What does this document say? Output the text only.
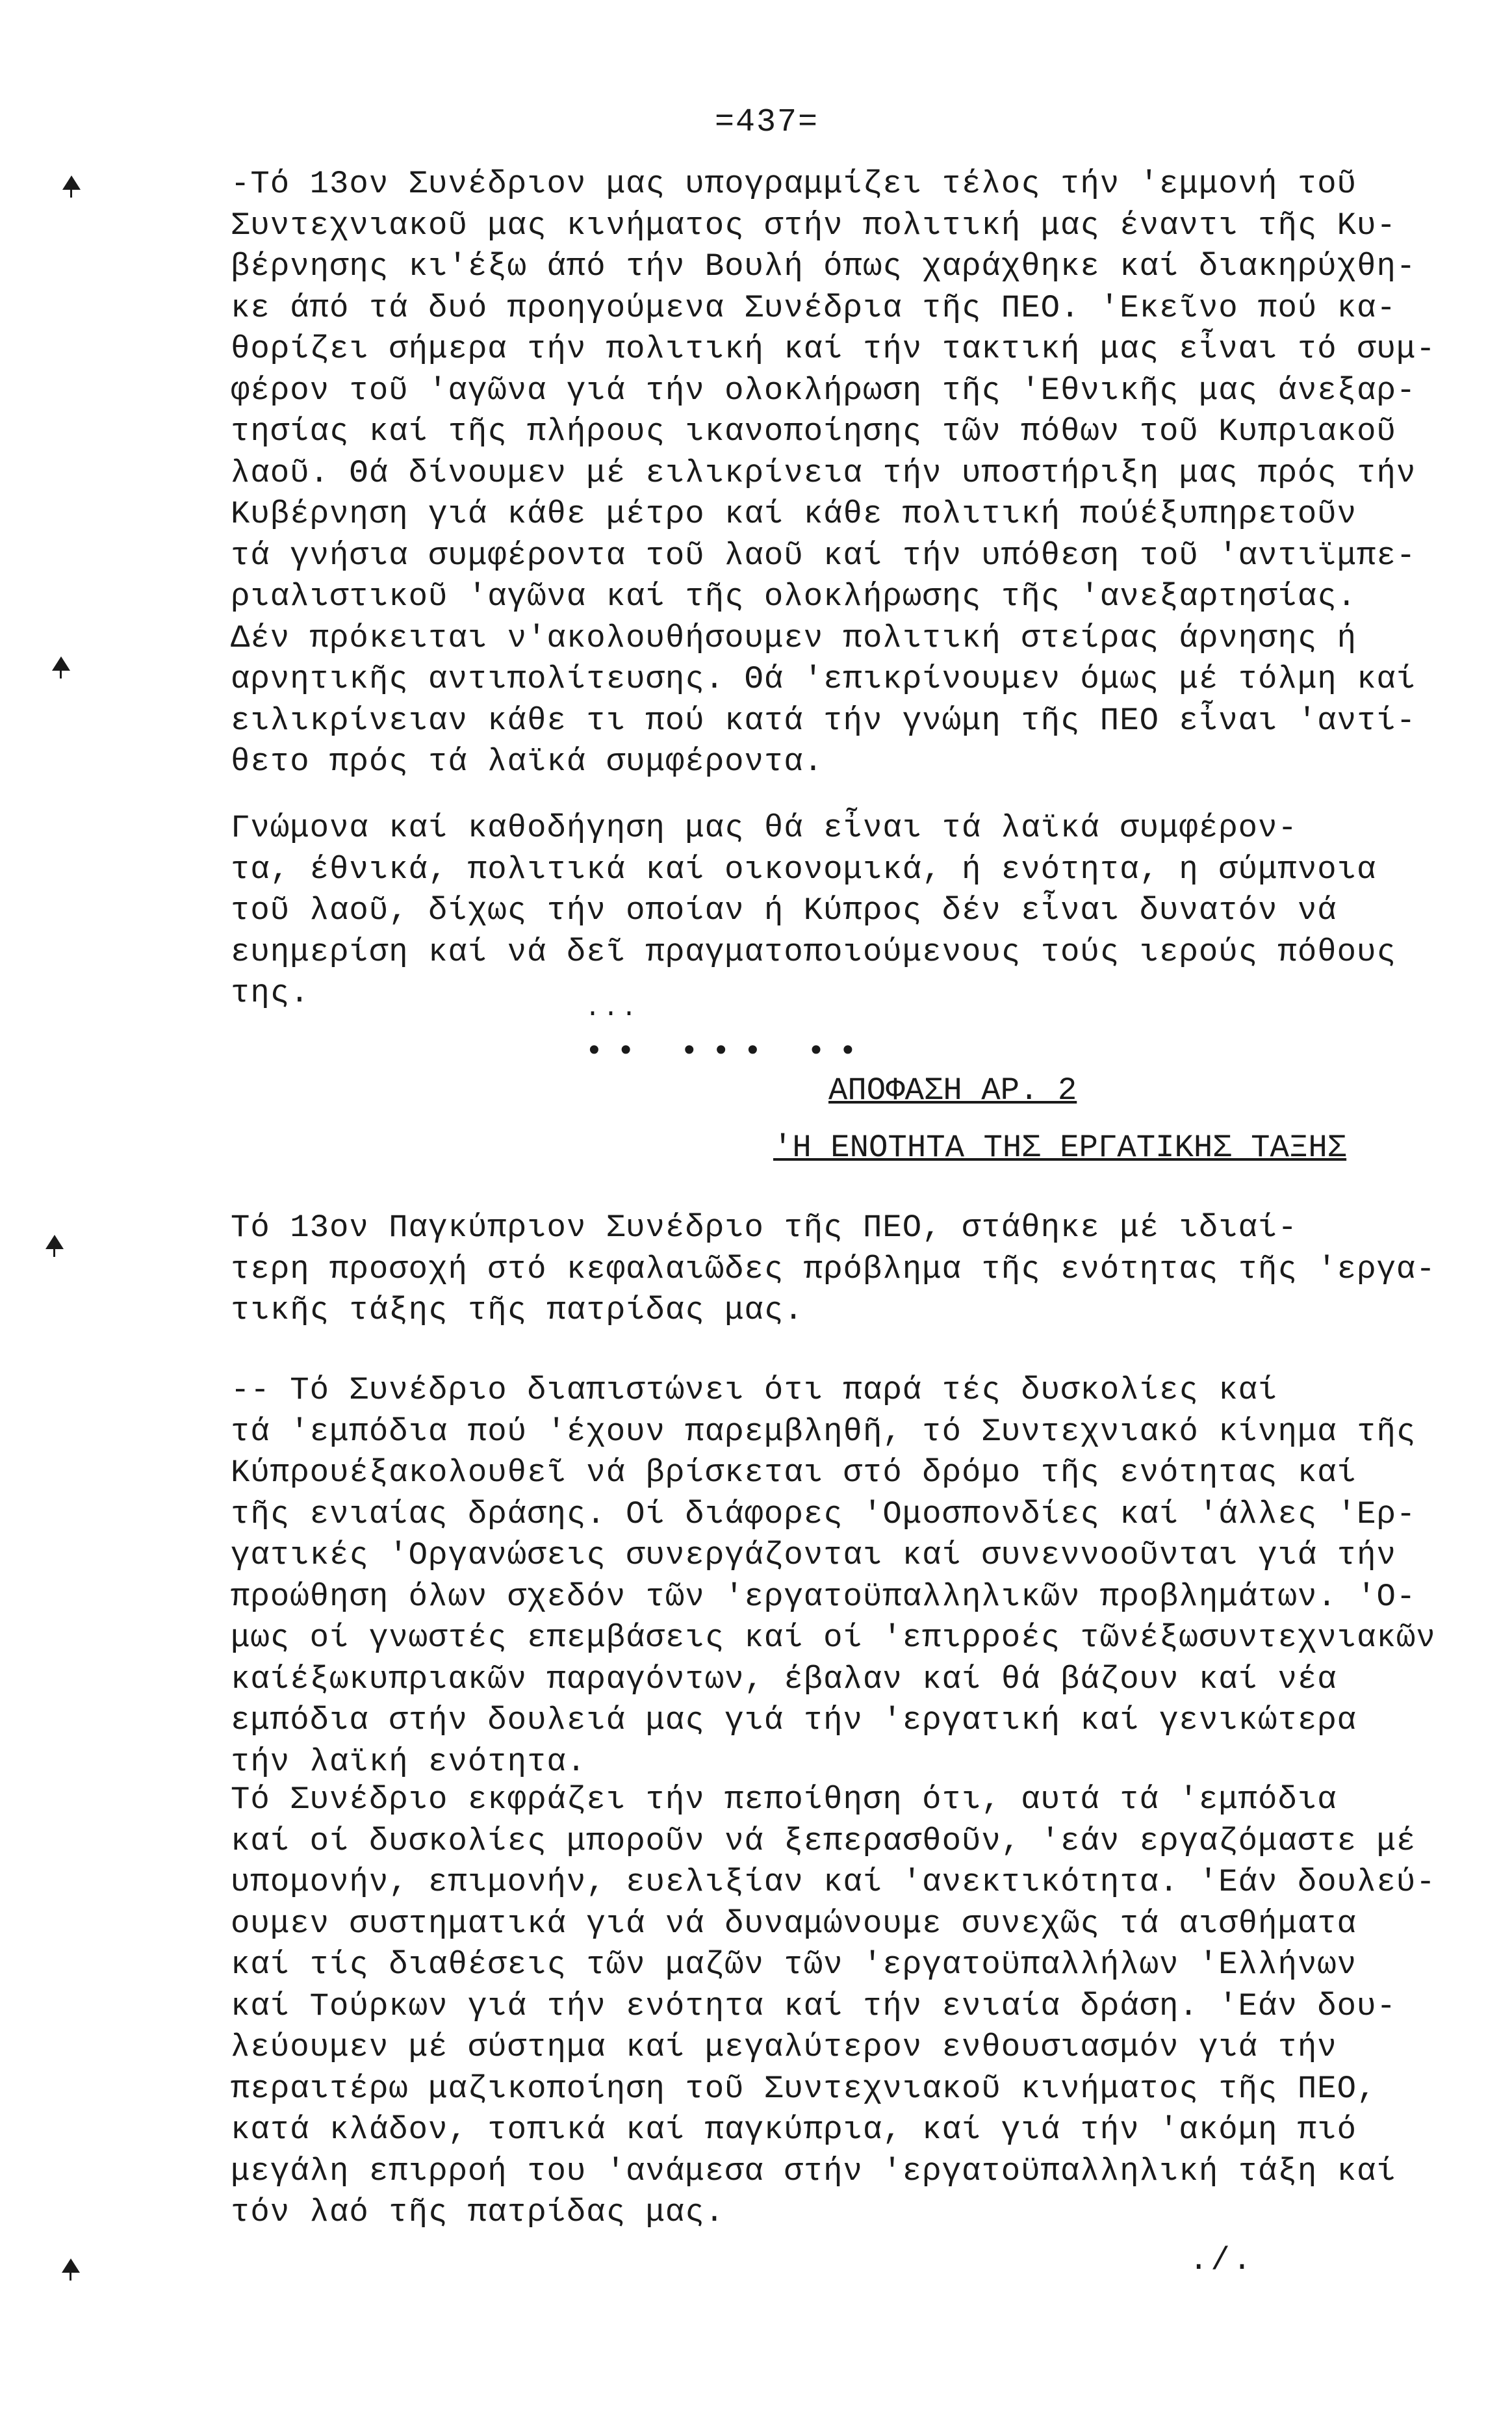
=437=
-Τό 13ον Συνέδριον μας υπογραμμίζει τέλος τήν 'εμμονή τοῦ
Συντεχνιακοῦ μας κινήματος στήν πολιτική μας έναντι τῆς Κυ-
βέρνησης κι'έξω άπό τήν Βουλή όπως χαράχθηκε καί διακηρύχθη-
κε άπό τά δυό προηγούμενα Συνέδρια τῆς ΠΕΟ. 'Εκεῖνο πού κα-
θορίζει σήμερα τήν πολιτική καί τήν τακτική μας εἶναι τό συμ-
φέρον τοῦ 'αγῶνα γιά τήν ολοκλήρωση τῆς 'Εθνικῆς μας άνεξαρ-
τησίας καί τῆς πλήρους ικανοποίησης τῶν πόθων τοῦ Κυπριακοῦ
λαοῦ. Θά δίνουμεν μέ ειλικρίνεια τήν υποστήριξη μας πρός τήν
Κυβέρνηση γιά κάθε μέτρο καί κάθε πολιτική πούέξυπηρετοῦν
τά γνήσια συμφέροντα τοῦ λαοῦ καί τήν υπόθεση τοῦ 'αντιϊμπε-
ριαλιστικοῦ 'αγῶνα καί τῆς ολοκλήρωσης τῆς 'ανεξαρτησίας.
Δέν πρόκειται ν'ακολουθήσουμεν πολιτική στείρας άρνησης ή
αρνητικῆς αντιπολίτευσης. Θά 'επικρίνουμεν όμως μέ τόλμη καί
ειλικρίνειαν κάθε τι πού κατά τήν γνώμη τῆς ΠΕΟ εἶναι 'αντί-
θετο πρός τά λαϊκά συμφέροντα.
Γνώμονα καί καθοδήγηση μας θά εἶναι τά λαϊκά συμφέρον-
τα, έθνικά, πολιτικά καί οικονομικά, ή ενότητα, η σύμπνοια
τοῦ λαοῦ, δίχως τήν οποίαν ή Κύπρος δέν εἶναι δυνατόν νά
ευημερίση καί νά δεῖ πραγματοποιούμενους τούς ιερούς πόθους
της.	...
•• ••• ••
ΑΠΟΦΑΣΗ ΑΡ. 2
'Η ΕΝΟΤΗΤΑ ΤΗΣ ΕΡΓΑΤΙΚΗΣ ΤΑΞΗΣ
Τό 13ον Παγκύπριον Συνέδριο τῆς ΠΕΟ, στάθηκε μέ ιδιαί-
τερη προσοχή στό κεφαλαιῶδες πρόβλημα τῆς ενότητας τῆς 'εργα-
τικῆς τάξης τῆς πατρίδας μας.
-- Τό Συνέδριο διαπιστώνει ότι παρά τές δυσκολίες καί
τά 'εμπόδια πού 'έχουν παρεμβληθῆ, τό Συντεχνιακό κίνημα τῆς
Κύπρουέξακολουθεῖ νά βρίσκεται στό δρόμο τῆς ενότητας καί
τῆς ενιαίας δράσης. Οί διάφορες 'Ομοσπονδίες καί 'άλλες 'Ερ-
γατικές 'Οργανώσεις συνεργάζονται καί συνεννοοῦνται γιά τήν
προώθηση όλων σχεδόν τῶν 'εργατοϋπαλληλικῶν προβλημάτων. 'Ο-
μως οί γνωστές επεμβάσεις καί οί 'επιρροές τῶνέξωσυντεχνιακῶν
καίέξωκυπριακῶν παραγόντων, έβαλαν καί θά βάζουν καί νέα
εμπόδια στήν δουλειά μας γιά τήν 'εργατική καί γενικώτερα
τήν λαϊκή ενότητα.
Τό Συνέδριο εκφράζει τήν πεποίθηση ότι, αυτά τά 'εμπόδια
καί οί δυσκολίες μποροῦν νά ξεπερασθοῦν, 'εάν εργαζόμαστε μέ
υπομονήν, επιμονήν, ευελιξίαν καί 'ανεκτικότητα. 'Εάν δουλεύ-
ουμεν συστηματικά γιά νά δυναμώνουμε συνεχῶς τά αισθήματα
καί τίς διαθέσεις τῶν μαζῶν τῶν 'εργατοϋπαλλήλων 'Ελλήνων
καί Τούρκων γιά τήν ενότητα καί τήν ενιαία δράση. 'Εάν δου-
λεύουμεν μέ σύστημα καί μεγαλύτερον ενθουσιασμόν γιά τήν
περαιτέρω μαζικοποίηση τοῦ Συντεχνιακοῦ κινήματος τῆς ΠΕΟ,
κατά κλάδον, τοπικά καί παγκύπρια, καί γιά τήν 'ακόμη πιό
μεγάλη επιρροή του 'ανάμεσα στήν 'εργατοϋπαλληλική τάξη καί
τόν λαό τῆς πατρίδας μας.
./.
